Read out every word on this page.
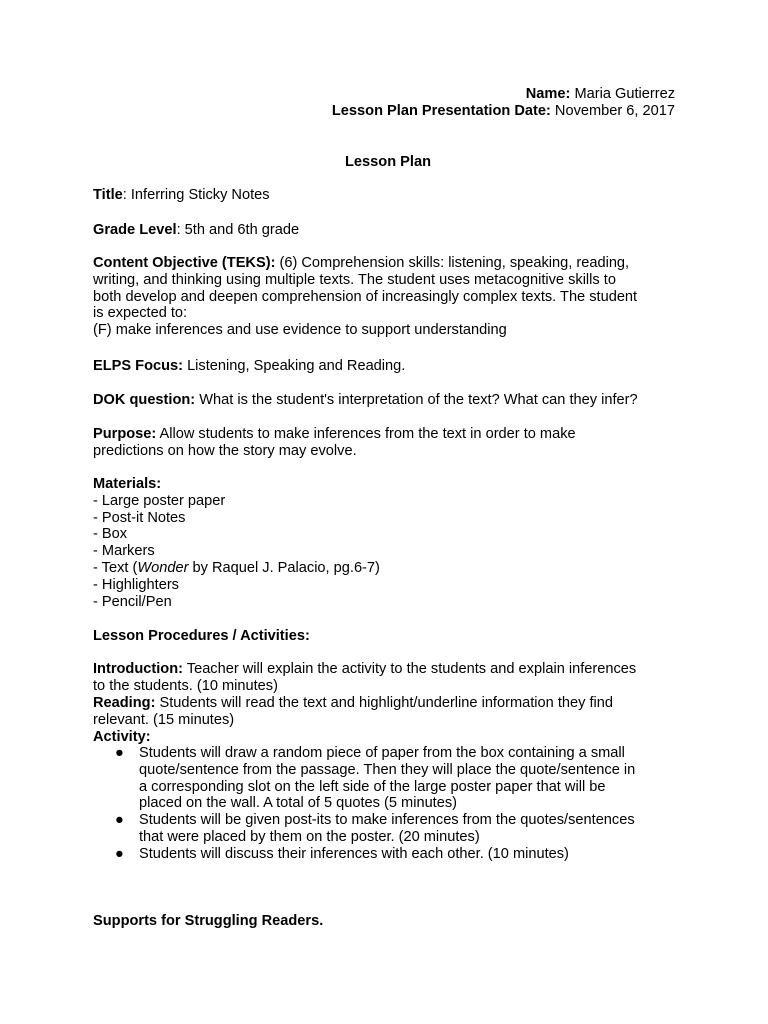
Name: Maria Gutierrez
Lesson Plan Presentation Date: November 6, 2017
Lesson Plan
Title: Inferring Sticky Notes
Grade Level: 5th and 6th grade
Content Objective (TEKS): (6) Comprehension skills: listening, speaking, reading,
writing, and thinking using multiple texts. The student uses metacognitive skills to
both develop and deepen comprehension of increasingly complex texts. The student
is expected to:
(F) make inferences and use evidence to support understanding
ELPS Focus: Listening, Speaking and Reading.
DOK question: What is the student's interpretation of the text? What can they infer?
Purpose: Allow students to make inferences from the text in order to make
predictions on how the story may evolve.
Materials:
- Large poster paper
- Post-it Notes
- Box
- Markers
- Text (Wonder by Raquel J. Palacio, pg.6-7)
- Highlighters
- Pencil/Pen
Lesson Procedures / Activities:
Introduction: Teacher will explain the activity to the students and explain inferences
to the students. (10 minutes)
Reading: Students will read the text and highlight/underline information they find
relevant. (15 minutes)
Activity:
● Students will draw a random piece of paper from the box containing a small
quote/sentence from the passage. Then they will place the quote/sentence in
a corresponding slot on the left side of the large poster paper that will be
placed on the wall. A total of 5 quotes (5 minutes)
● Students will be given post-its to make inferences from the quotes/sentences
that were placed by them on the poster. (20 minutes)
● Students will discuss their inferences with each other. (10 minutes)
Supports for Struggling Readers.
